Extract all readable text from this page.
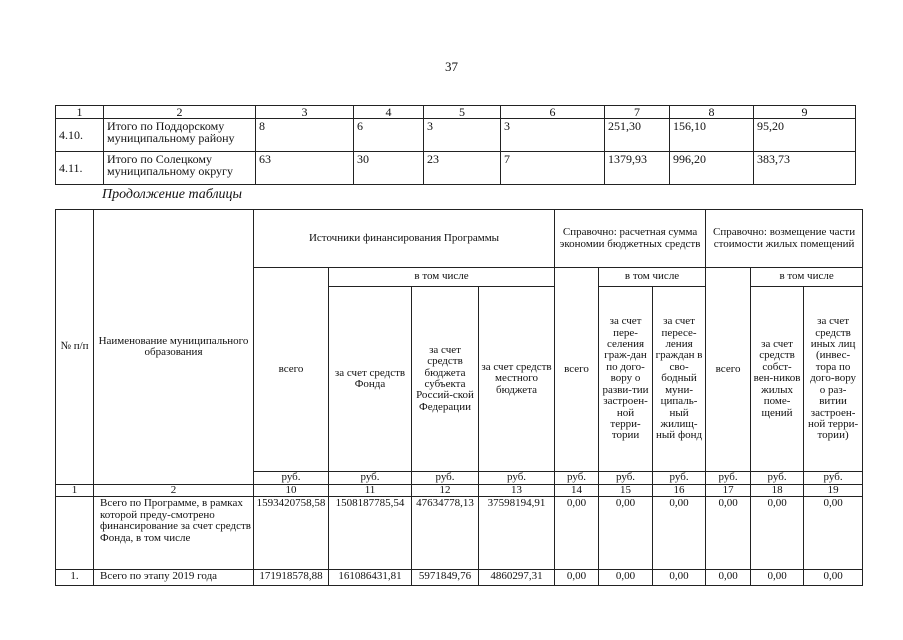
37
1	2	3	4	5	6	7	8	9
4.10.	Итого по Поддорскому муниципальному району	8	6	3	3	251,30	156,10	95,20
4.11.	Итого по Солецкому муниципальному округу	63	30	23	7	1379,93	996,20	383,73
Продолжение таблицы
№ п/п	Наименование муниципального образования	Источники финансирования Программы				Справочно: расчетная сумма экономии бюджетных средств			Справочно: возмещение части стоимости жилых помещений		
		всего	в том числе			всего	в том числе		всего	в том числе	
			за счет средств Фонда	за счет средств бюджета субъекта Россий-ской Федерации	за счет средств местного бюджета		за счет пере-селения граж-дан по дого-вору о разви-тии застроен-ной терри-тории	за счет пересе-ления граждан в сво-бодный муни-ципаль-ный жилищ-ный фонд		за счет средств собст-вен-ников жилых поме-щений	за счет средств иных лиц (инвес-тора по дого-вору о раз-витии застроен-ной терри-тории)
		руб.	руб.	руб.	руб.	руб.	руб.	руб.	руб.	руб.	руб.
1	2	10	11	12	13	14	15	16	17	18	19
	Всего по Программе, в рамках которой преду-смотрено финансирование за счет средств Фонда, в том числе	1593420758,58	1508187785,54	47634778,13	37598194,91	0,00	0,00	0,00	0,00	0,00	0,00
1.	Всего по этапу 2019 года	171918578,88	161086431,81	5971849,76	4860297,31	0,00	0,00	0,00	0,00	0,00	0,00
